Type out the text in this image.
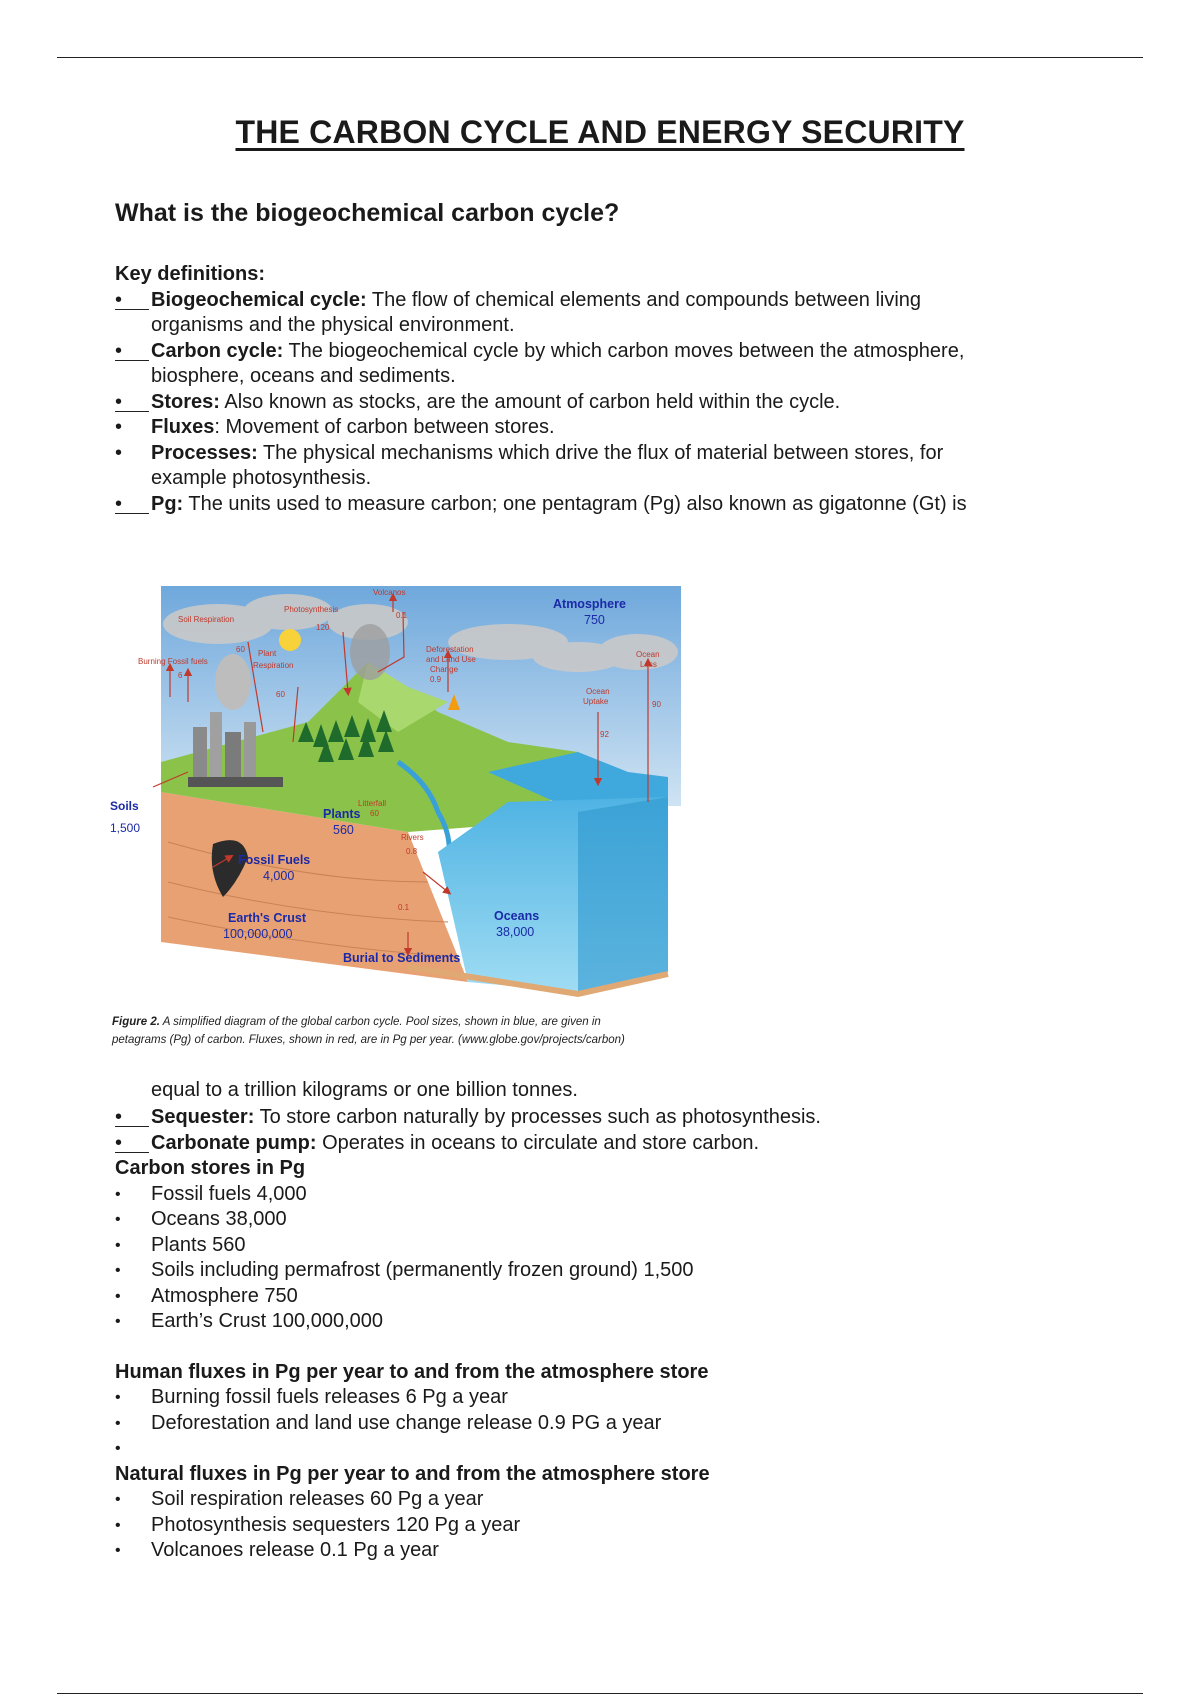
THE CARBON CYCLE AND ENERGY SECURITY
What is the biogeochemical carbon cycle?
Key definitions:
• Biogeochemical cycle: The flow of chemical elements and compounds between living
organisms and the physical environment.
• Carbon cycle: The biogeochemical cycle by which carbon moves between the atmosphere,
biosphere, oceans and sediments.
• Stores: Also known as stocks, are the amount of carbon held within the cycle.
•	Fluxes: Movement of carbon between stores.
•	Processes: The physical mechanisms which drive the flux of material between stores, for
example photosynthesis.
• Pg: The units used to measure carbon; one pentagram (Pg) also known as gigatonne (Gt) is
Volcanos
0.1
Soil Respiration
60
Photosynthesis
120
Burning Fossil fuels
6
Plant
Respiration
60
Deforestation
and Land Use
Change
0.9
Ocean
Loss
90
Ocean
Uptake
92
Litterfall
60
Rivers
0.8
0.1
Atmosphere
750
Soils
1,500
Plants
560
Fossil Fuels
4,000
Earth's Crust
100,000,000
Oceans
38,000
Burial to Sediments
Figure 2. A simplified diagram of the global carbon cycle. Pool sizes, shown in blue, are given in
petagrams (Pg) of carbon. Fluxes, shown in red, are in Pg per year. (www.globe.gov/projects/carbon)
equal to a trillion kilograms or one billion tonnes.
• Sequester: To store carbon naturally by processes such as photosynthesis.
• Carbonate pump: Operates in oceans to circulate and store carbon.
Carbon stores in Pg
•	Fossil fuels 4,000
•	Oceans 38,000
•	Plants 560
•	Soils including permafrost (permanently frozen ground) 1,500
•	Atmosphere 750
•	Earth’s Crust 100,000,000
Human fluxes in Pg per year to and from the atmosphere store
•	Burning fossil fuels releases 6 Pg a year
•	Deforestation and land use change release 0.9 PG a year
•

Natural fluxes in Pg per year to and from the atmosphere store
•	Soil respiration releases 60 Pg a year
•	Photosynthesis sequesters 120 Pg a year
•	Volcanoes release 0.1 Pg a year
